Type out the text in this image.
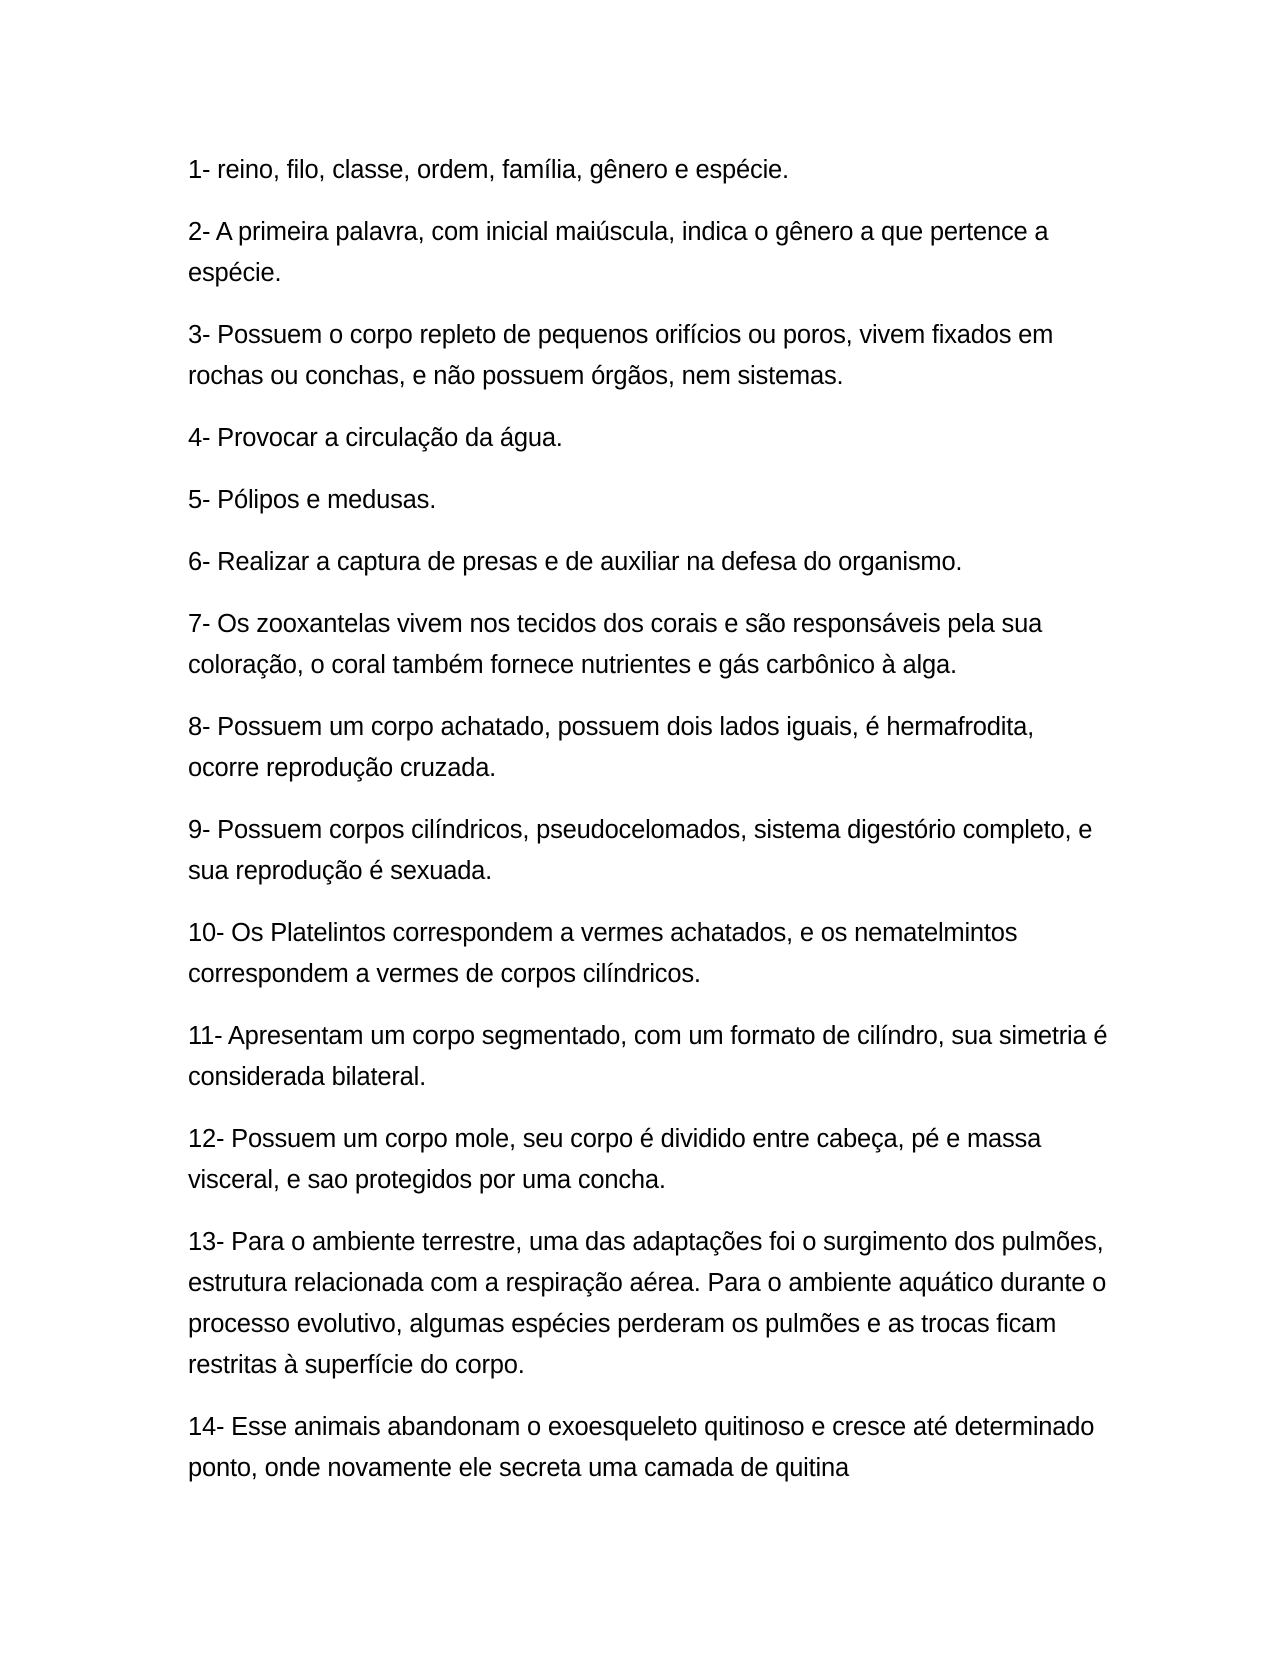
1- reino, filo, classe, ordem, família, gênero e espécie.

2- A primeira palavra, com inicial maiúscula, indica o gênero a que pertence a espécie.

3- Possuem o corpo repleto de pequenos orifícios ou poros, vivem fixados em rochas ou conchas, e não possuem órgãos, nem sistemas.

4- Provocar a circulação da água.

5- Pólipos e medusas.

6- Realizar a captura de presas e de auxiliar na defesa do organismo.

7- Os zooxantelas vivem nos tecidos dos corais e são responsáveis pela sua coloração, o coral também fornece nutrientes e gás carbônico à alga.

8- Possuem um corpo achatado, possuem dois lados iguais, é hermafrodita, ocorre reprodução cruzada.

9- Possuem corpos cilíndricos, pseudocelomados, sistema digestório completo, e sua reprodução é sexuada.

10- Os Platelintos correspondem a vermes achatados, e os nematelmintos correspondem a vermes de corpos cilíndricos.

11- Apresentam um corpo segmentado, com um formato de cilíndro, sua simetria é considerada bilateral.

12- Possuem um corpo mole, seu corpo é dividido entre cabeça, pé e massa visceral, e sao protegidos por uma concha.

13- Para o ambiente terrestre, uma das adaptações foi o surgimento dos pulmões, estrutura relacionada com a respiração aérea. Para o ambiente aquático durante o processo evolutivo, algumas espécies perderam os pulmões e as trocas ficam restritas à superfície do corpo.

14- Esse animais abandonam o exoesqueleto quitinoso e cresce até determinado ponto, onde novamente ele secreta uma camada de quitina
